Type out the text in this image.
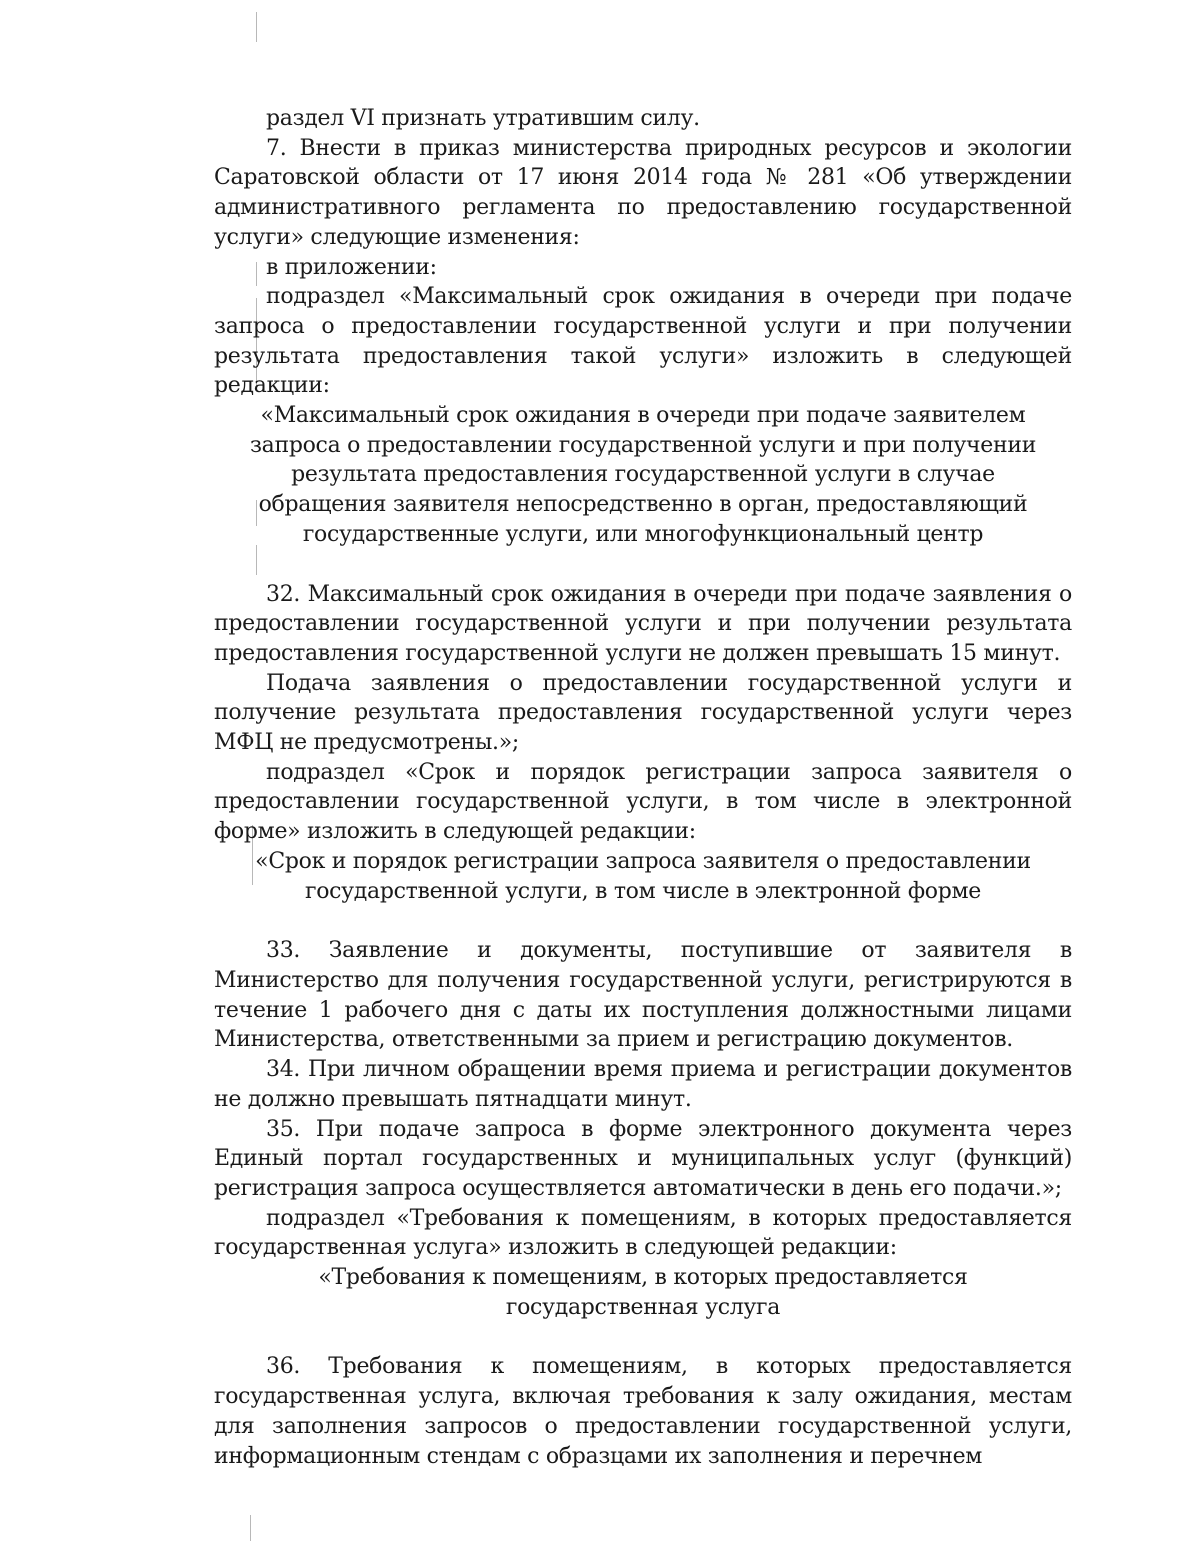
раздел VI признать утратившим силу.

7. Внести в приказ министерства природных ресурсов и экологии Саратовской области от 17 июня 2014 года № 281 «Об утверждении административного регламента по предоставлению государственной услуги» следующие изменения:

в приложении:

подраздел «Максимальный срок ожидания в очереди при подаче запроса о предоставлении государственной услуги и при получении результата предоставления такой услуги» изложить в следующей редакции:

«Максимальный срок ожидания в очереди при подаче заявителем запроса о предоставлении государственной услуги и при получении результата предоставления государственной услуги в случае обращения заявителя непосредственно в орган, предоставляющий государственные услуги, или многофункциональный центр

32. Максимальный срок ожидания в очереди при подаче заявления о предоставлении государственной услуги и при получении результата предоставления государственной услуги не должен превышать 15 минут.

Подача заявления о предоставлении государственной услуги и получение результата предоставления государственной услуги через МФЦ не предусмотрены.»;

подраздел «Срок и порядок регистрации запроса заявителя о предоставлении государственной услуги, в том числе в электронной форме» изложить в следующей редакции:

«Срок и порядок регистрации запроса заявителя о предоставлении государственной услуги, в том числе в электронной форме

33. Заявление и документы, поступившие от заявителя в Министерство для получения государственной услуги, регистрируются в течение 1 рабочего дня с даты их поступления должностными лицами Министерства, ответственными за прием и регистрацию документов.

34. При личном обращении время приема и регистрации документов не должно превышать пятнадцати минут.

35. При подаче запроса в форме электронного документа через Единый портал государственных и муниципальных услуг (функций) регистрация запроса осуществляется автоматически в день его подачи.»;

подраздел «Требования к помещениям, в которых предоставляется государственная услуга» изложить в следующей редакции:

«Требования к помещениям, в которых предоставляется государственная услуга

36. Требования к помещениям, в которых предоставляется государственная услуга, включая требования к залу ожидания, местам для заполнения запросов о предоставлении государственной услуги, информационным стендам с образцами их заполнения и перечнем
